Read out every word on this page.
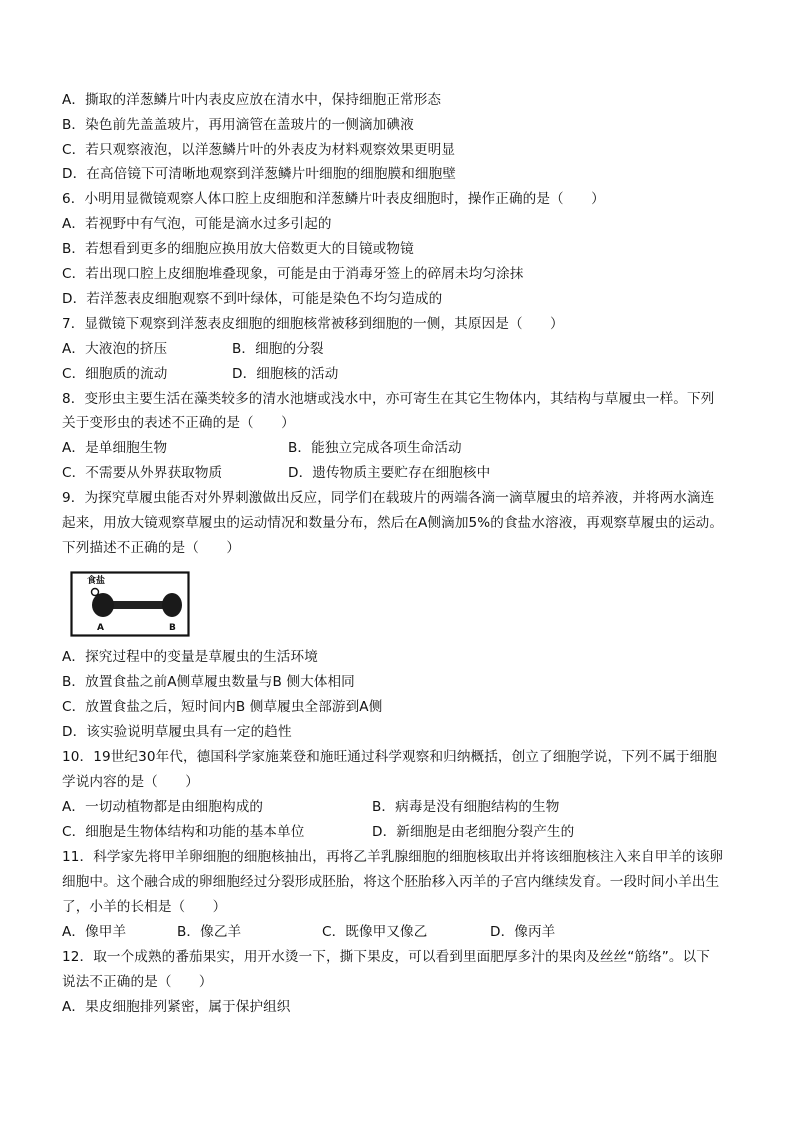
A．撕取的洋葱鳞片叶内表皮应放在清水中，保持细胞正常形态
B．染色前先盖盖玻片，再用滴管在盖玻片的一侧滴加碘液
C．若只观察液泡，以洋葱鳞片叶的外表皮为材料观察效果更明显
D．在高倍镜下可清晰地观察到洋葱鳞片叶细胞的细胞膜和细胞壁
6．小明用显微镜观察人体口腔上皮细胞和洋葱鳞片叶表皮细胞时，操作正确的是（　　）
A．若视野中有气泡，可能是滴水过多引起的
B．若想看到更多的细胞应换用放大倍数更大的目镜或物镜
C．若出现口腔上皮细胞堆叠现象，可能是由于消毒牙签上的碎屑未均匀涂抹
D．若洋葱表皮细胞观察不到叶绿体，可能是染色不均匀造成的
7．显微镜下观察到洋葱表皮细胞的细胞核常被移到细胞的一侧，其原因是（　　）
A．大液泡的挤压	B．细胞的分裂
C．细胞质的流动	D．细胞核的活动
8．变形虫主要生活在藻类较多的清水池塘或浅水中，亦可寄生在其它生物体内，其结构与草履虫一样。下列
关于变形虫的表述不正确的是（　　）
A．是单细胞生物	B．能独立完成各项生命活动
C．不需要从外界获取物质	D．遗传物质主要贮存在细胞核中
9．为探究草履虫能否对外界刺激做出反应，同学们在载玻片的两端各滴一滴草履虫的培养液，并将两水滴连
起来，用放大镜观察草履虫的运动情况和数量分布，然后在A侧滴加5%的食盐水溶液，再观察草履虫的运动。
下列描述不正确的是（　　）
食盐
A	B
A．探究过程中的变量是草履虫的生活环境
B．放置食盐之前A侧草履虫数量与B 侧大体相同
C．放置食盐之后，短时间内B 侧草履虫全部游到A侧
D．该实验说明草履虫具有一定的趋性
10．19世纪30年代，德国科学家施莱登和施旺通过科学观察和归纳概括，创立了细胞学说，下列不属于细胞
学说内容的是（　　）
A．一切动植物都是由细胞构成的	B．病毒是没有细胞结构的生物
C．细胞是生物体结构和功能的基本单位	D．新细胞是由老细胞分裂产生的
11．科学家先将甲羊卵细胞的细胞核抽出，再将乙羊乳腺细胞的细胞核取出并将该细胞核注入来自甲羊的该卵
细胞中。这个融合成的卵细胞经过分裂形成胚胎，将这个胚胎移入丙羊的子宫内继续发育。一段时间小羊出生
了，小羊的长相是（　　）
A．像甲羊	B．像乙羊	C．既像甲又像乙	D．像丙羊
12．取一个成熟的番茄果实，用开水烫一下，撕下果皮，可以看到里面肥厚多汁的果肉及丝丝“筋络”。以下
说法不正确的是（　　）
A．果皮细胞排列紧密，属于保护组织
